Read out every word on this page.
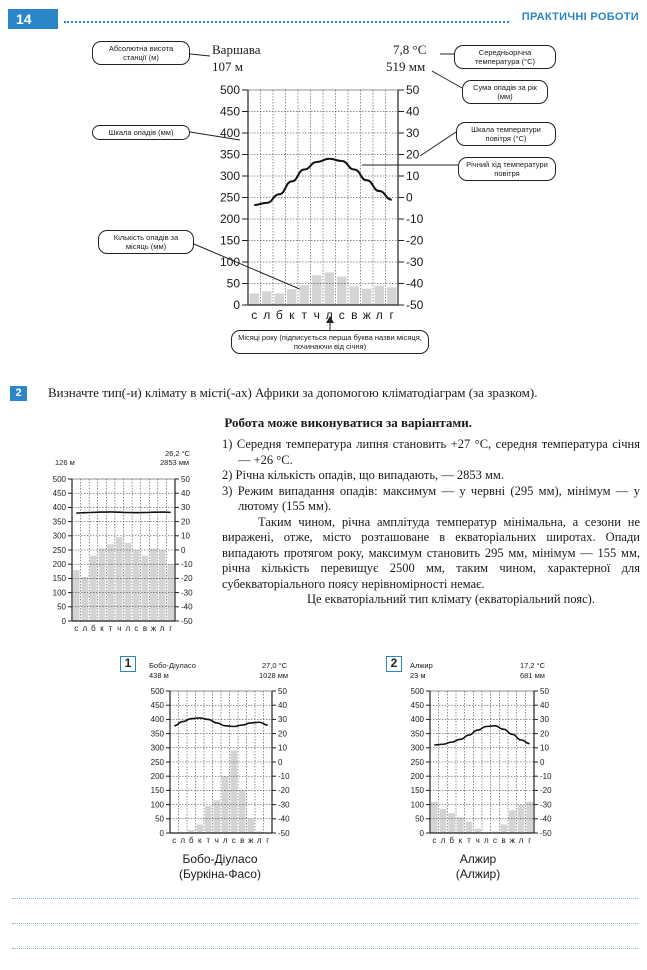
14	ПРАКТИЧНІ РОБОТИ
Абсолютна висота станції (м)
Варшава
107 м
7,8 °С
519 мм
Середньорічна температура (°С)
Сума опадів за рік (мм)
Шкала опадів (мм)	Шкала температури повітря (°С)
Річний хід температури повітря
Кількість опадів за місяць (мм)
Місяці року (підписується перша буква назви місяця, починаючи від січня)
0
50
100
150
200
250
300
350
400
450
500	50
40
30
20
10
0
-10
-20
-30
-40
-50
с л б к т ч л с в ж л г
2	Визначте тип(-и) клімату в місті(-ах) Африки за допомогою кліматодіаграм (за зразком).
Робота може виконуватися за варіантами.
126 м
26,2 °С
2853 мм
0
50
100
150
200
250
300
350
400
450
500	50
40
30
20
10
0
-10
-20
-30
-40
-50
с л б к т ч л с в ж л г
1) Середня температура липня становить +27 °С, середня температура січня — +26 °С.
2) Річна кількість опадів, що випадають, — 2853 мм.
3) Режим випадання опадів: максимум — у червні (295 мм), мінімум — у лютому (155 мм).
Таким чином, річна амплітуда температур мінімальна, а сезони не виражені, отже, місто розташоване в екваторіальних широтах. Опади випадають протягом року, максимум становить 295 мм, мінімум — 155 мм, річна кількість перевищує 2500 мм, таким чином, характерної для субекваторіального поясу нерівномірності немає.
Це екваторіальний тип клімату (екваторіальний пояс).
1	Бобо-Діуласо
438 м
27,0 °С
1028 мм
0
50
100
150
200
250
300
350
400
450
500	50
40
30
20
10
0
-10
-20
-30
-40
-50
с л б к т ч л с в ж л г
Бобо-Діуласо
(Буркіна-Фасо)
2	Алжир
23 м
17,2 °С
681 мм
0
50
100
150
200
250
300
350
400
450
500	50
40
30
20
10
0
-10
-20
-30
-40
-50
с л б к т ч л с в ж л г
Алжир
(Алжир)
